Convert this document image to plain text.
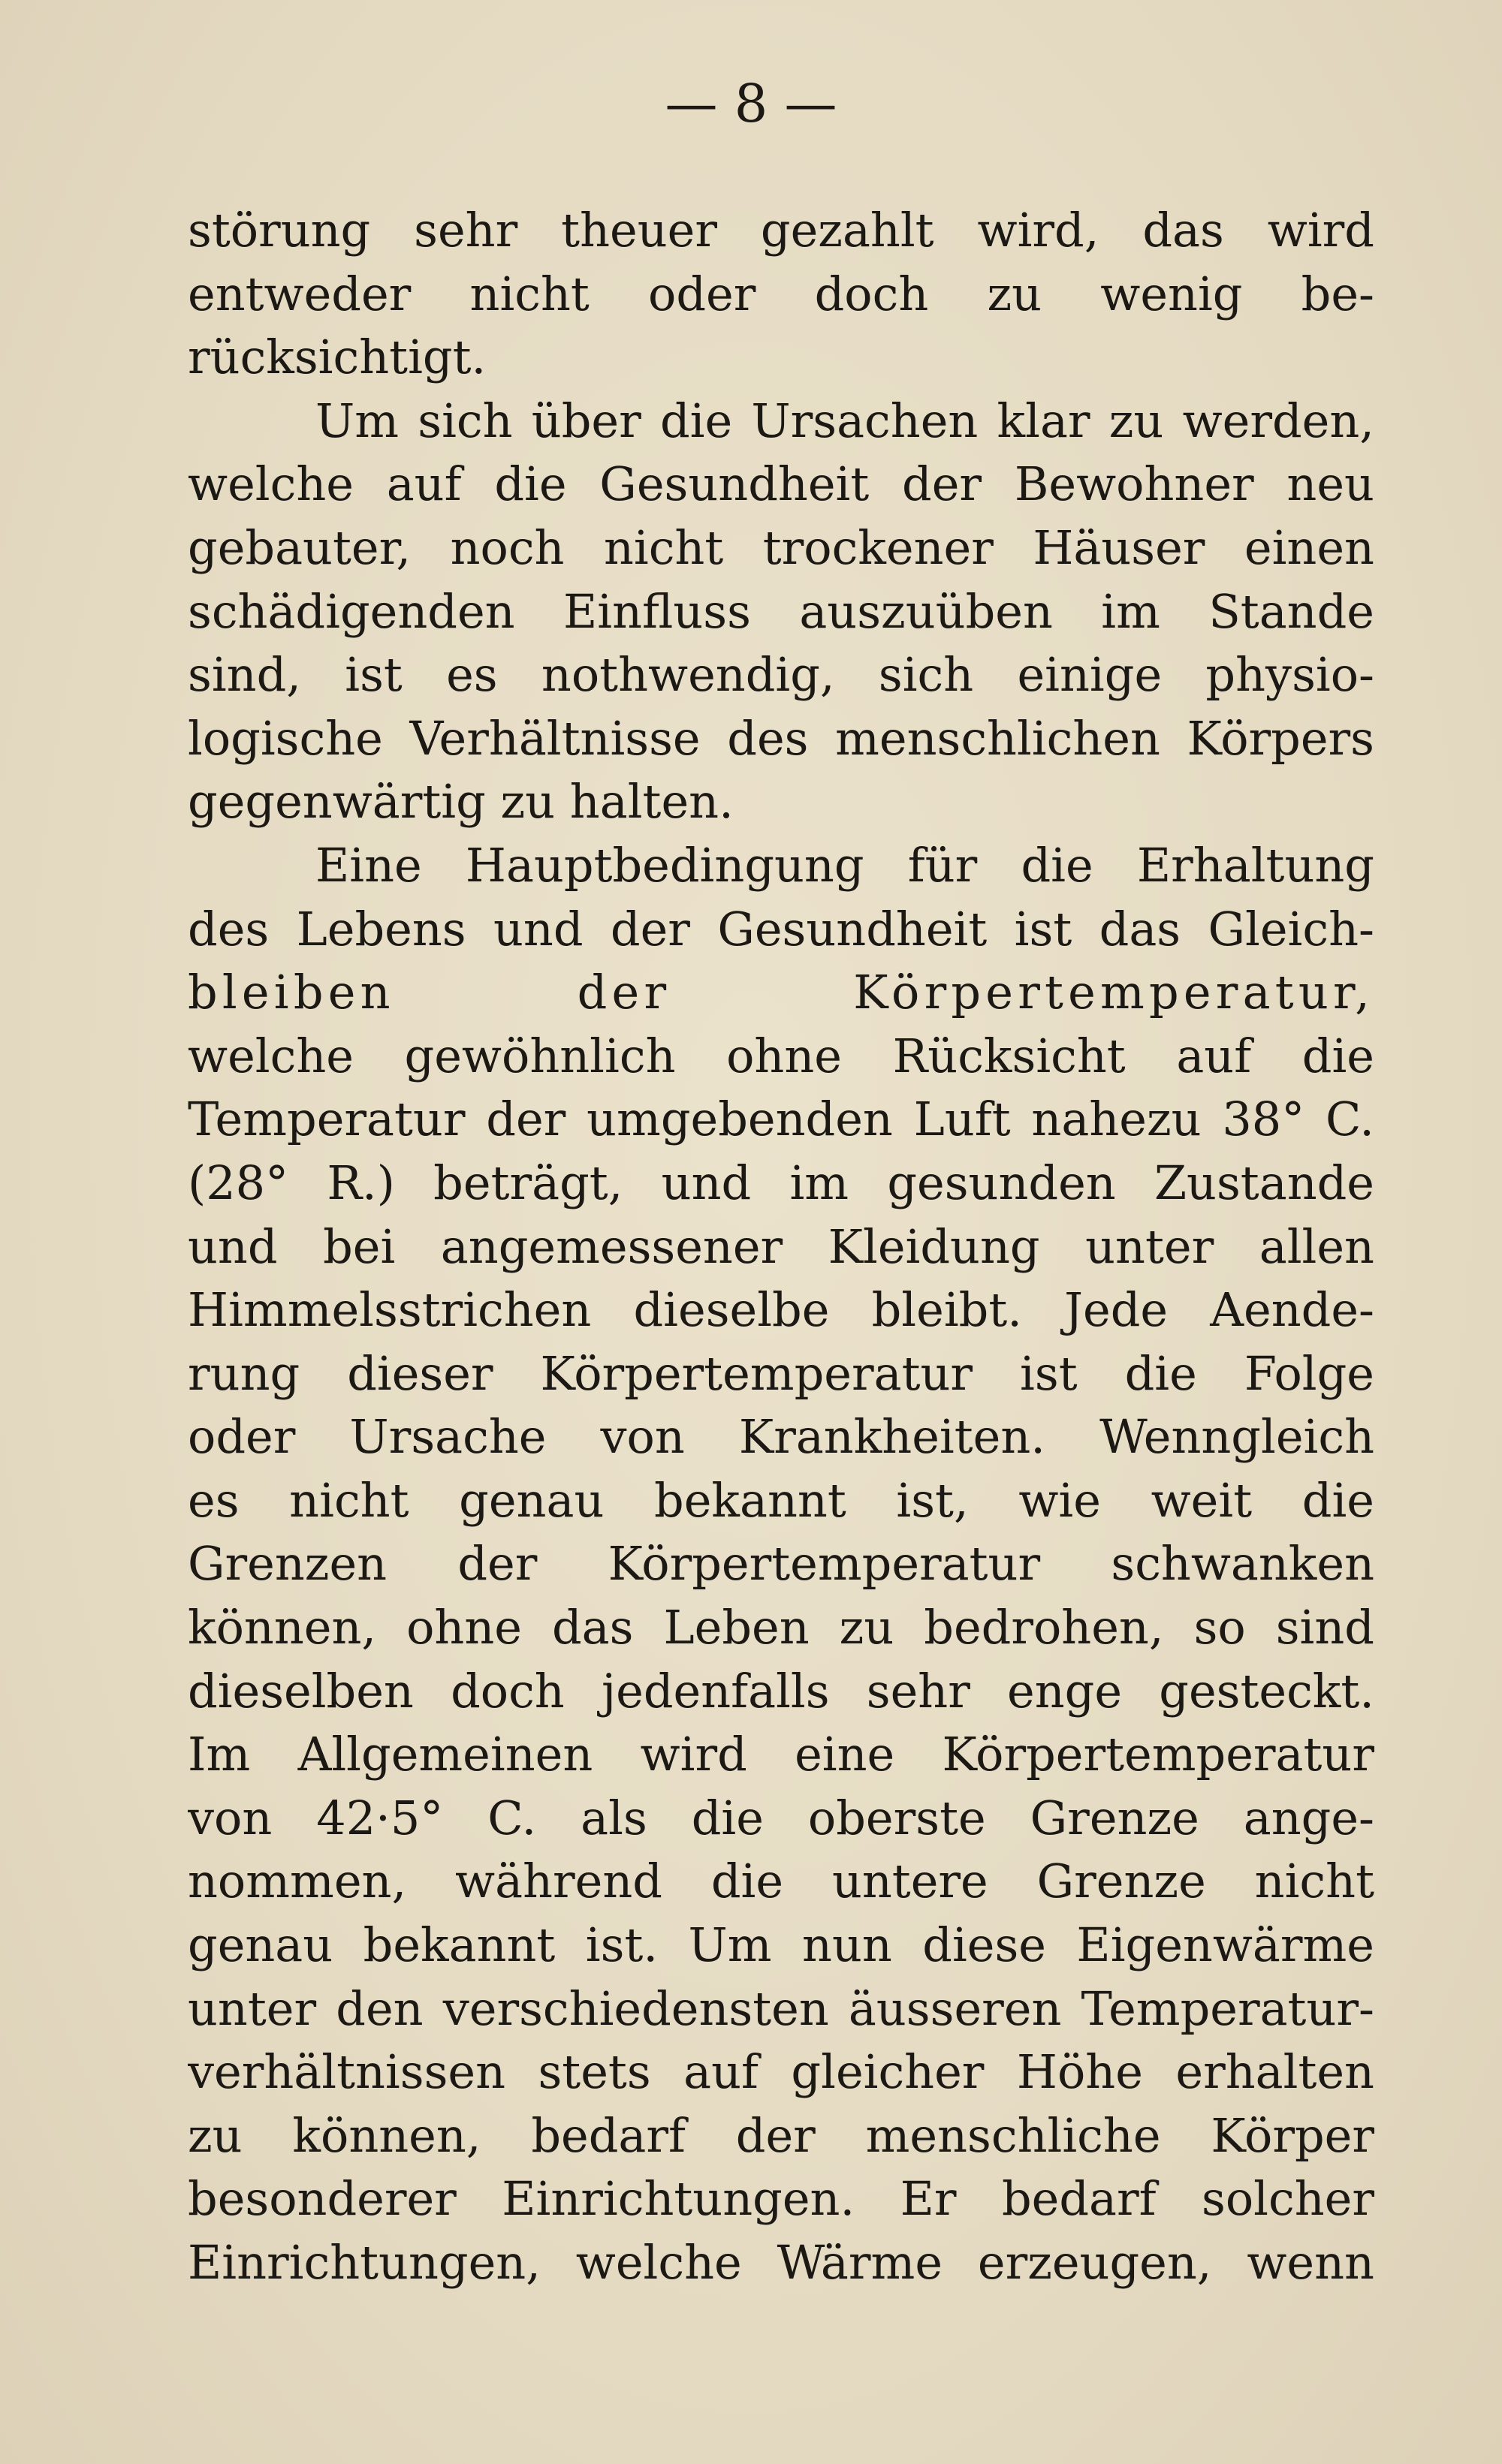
— 8 —
störung sehr theuer gezahlt wird, das wird
entweder nicht oder doch zu wenig be-
rücksichtigt.
Um sich über die Ursachen klar zu werden,
welche auf die Gesundheit der Bewohner neu
gebauter, noch nicht trockener Häuser einen
schädigenden Einfluss auszuüben im Stande
sind, ist es nothwendig, sich einige physio-
logische Verhältnisse des menschlichen Körpers
gegenwärtig zu halten.
Eine Hauptbedingung für die Erhaltung
des Lebens und der Gesundheit ist das Gleich-
bleiben der Körpertemperatur,
welche gewöhnlich ohne Rücksicht auf die
Temperatur der umgebenden Luft nahezu 38° C.
(28° R.) beträgt, und im gesunden Zustande
und bei angemessener Kleidung unter allen
Himmelsstrichen dieselbe bleibt. Jede Aende-
rung dieser Körpertemperatur ist die Folge
oder Ursache von Krankheiten. Wenngleich
es nicht genau bekannt ist, wie weit die
Grenzen der Körpertemperatur schwanken
können, ohne das Leben zu bedrohen, so sind
dieselben doch jedenfalls sehr enge gesteckt.
Im Allgemeinen wird eine Körpertemperatur
von 42·5° C. als die oberste Grenze ange-
nommen, während die untere Grenze nicht
genau bekannt ist. Um nun diese Eigenwärme
unter den verschiedensten äusseren Temperatur-
verhältnissen stets auf gleicher Höhe erhalten
zu können, bedarf der menschliche Körper
besonderer Einrichtungen. Er bedarf solcher
Einrichtungen, welche Wärme erzeugen, wenn
